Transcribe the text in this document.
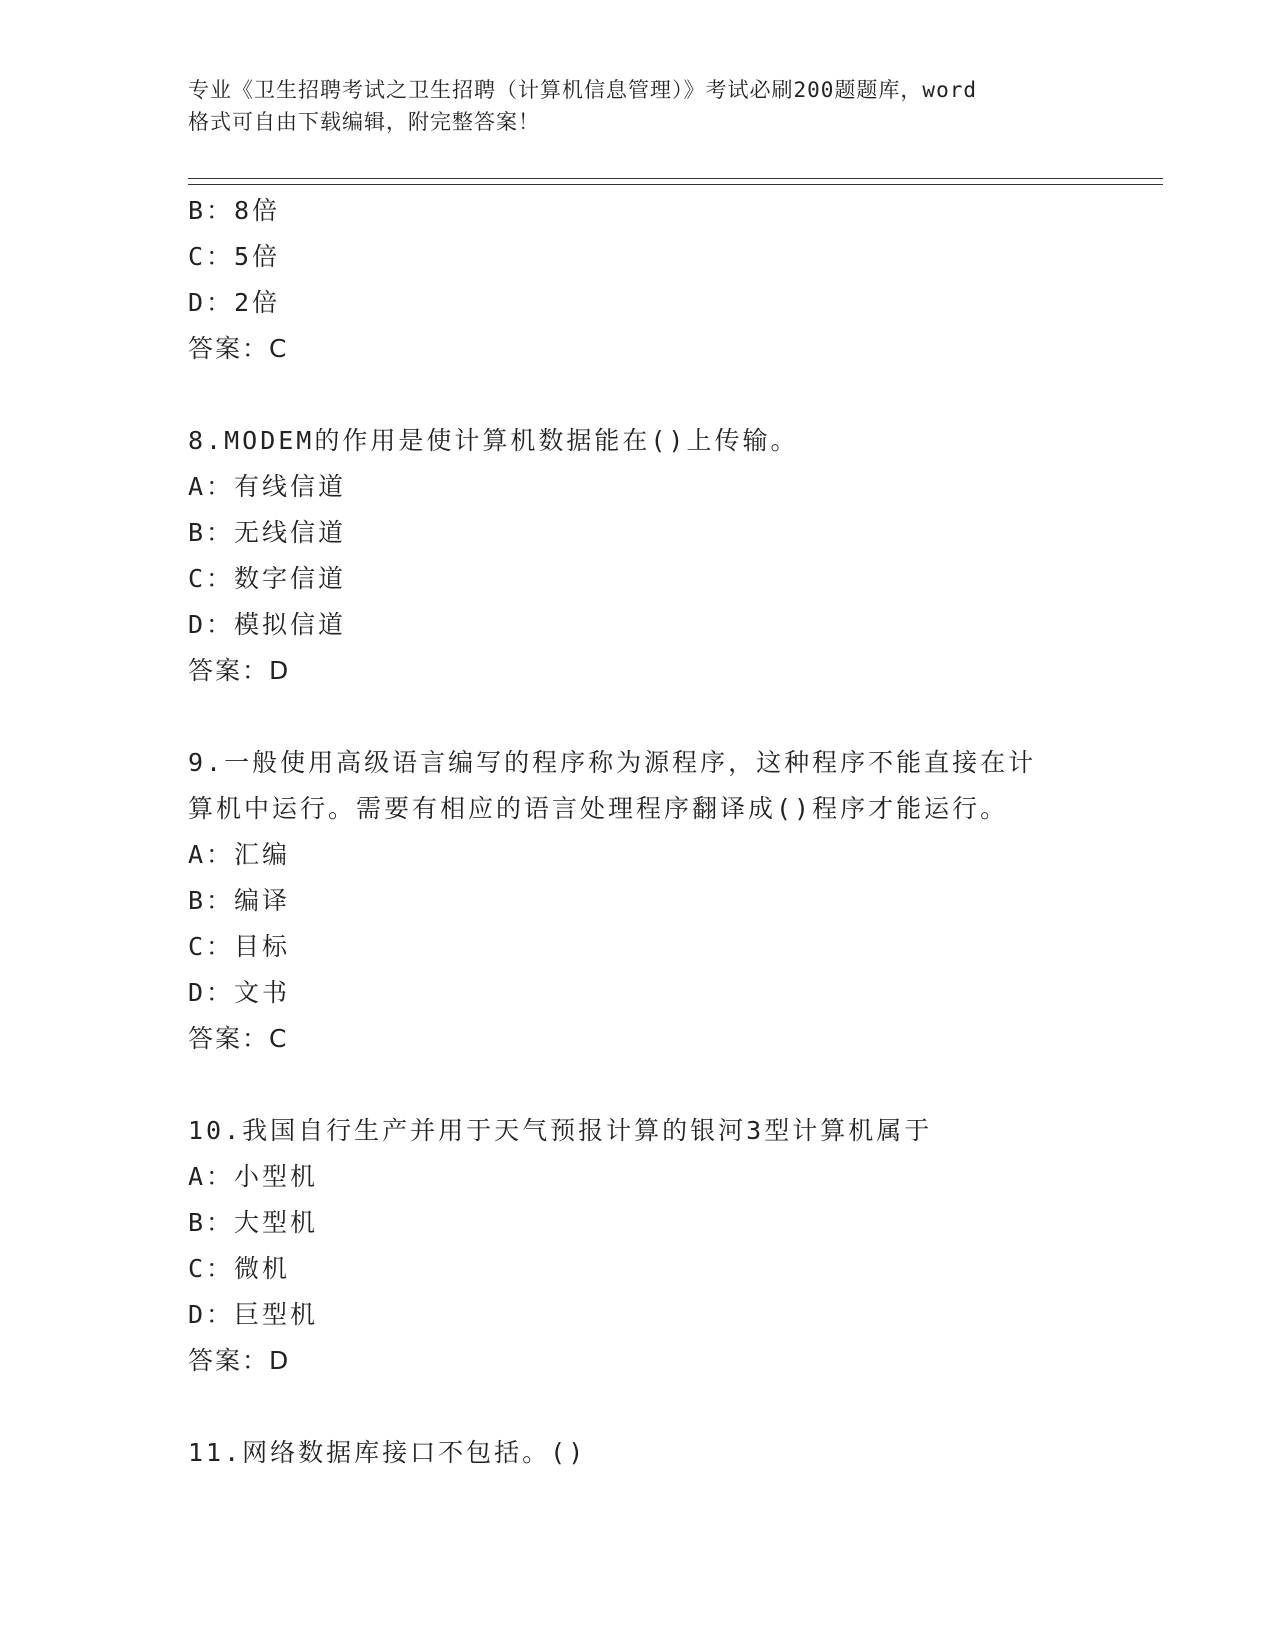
专业《卫生招聘考试之卫生招聘（计算机信息管理）》考试必刷200题题库，word
格式可自由下载编辑，附完整答案！
B：8倍
C：5倍
D：2倍
答案：C
8.MODEM的作用是使计算机数据能在()上传输。
A：有线信道
B：无线信道
C：数字信道
D：模拟信道
答案：D
9.一般使用高级语言编写的程序称为源程序，这种程序不能直接在计
算机中运行。需要有相应的语言处理程序翻译成()程序才能运行。
A：汇编
B：编译
C：目标
D：文书
答案：C
10.我国自行生产并用于天气预报计算的银河3型计算机属于
A：小型机
B：大型机
C：微机
D：巨型机
答案：D
11.网络数据库接口不包括。()
